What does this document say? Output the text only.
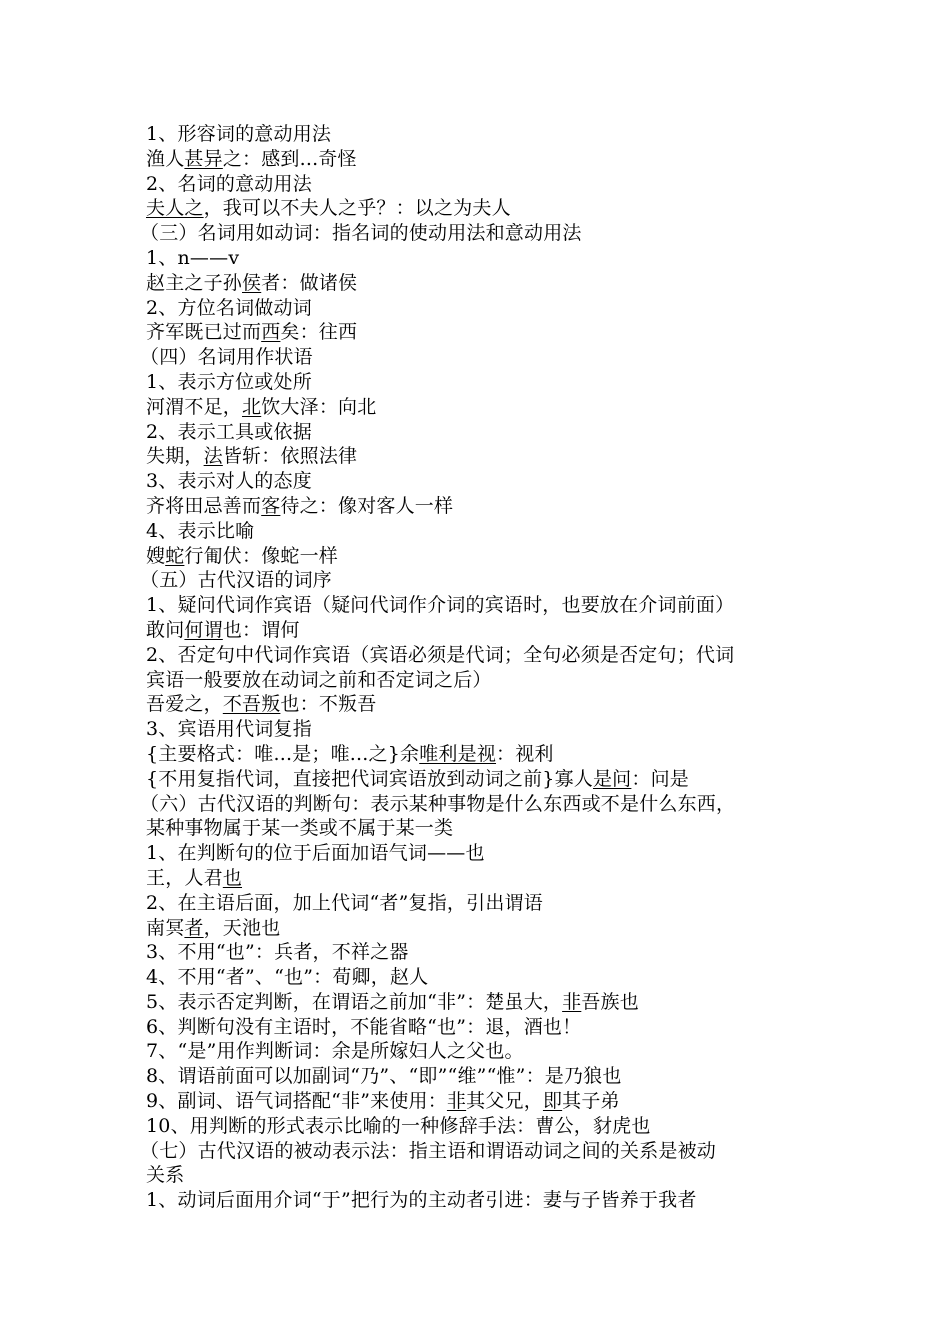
1、形容词的意动用法
渔人甚异之：感到...奇怪
2、名词的意动用法
夫人之，我可以不夫人之乎？：以之为夫人
（三）名词用如动词：指名词的使动用法和意动用法
1、n——v
赵主之子孙侯者：做诸侯
2、方位名词做动词
齐军既已过而西矣：往西
（四）名词用作状语
1、表示方位或处所
河渭不足，北饮大泽：向北
2、表示工具或依据
失期，法皆斩：依照法律
3、表示对人的态度
齐将田忌善而客待之：像对客人一样
4、表示比喻
嫂蛇行匍伏：像蛇一样
（五）古代汉语的词序
1、疑问代词作宾语（疑问代词作介词的宾语时，也要放在介词前面）
敢问何谓也：谓何
2、否定句中代词作宾语（宾语必须是代词；全句必须是否定句；代词
宾语一般要放在动词之前和否定词之后）
吾爱之，不吾叛也：不叛吾
3、宾语用代词复指
{主要格式：唯...是；唯...之}余唯利是视：视利
{不用复指代词，直接把代词宾语放到动词之前}寡人是问：问是
（六）古代汉语的判断句：表示某种事物是什么东西或不是什么东西，
某种事物属于某一类或不属于某一类
1、在判断句的位于后面加语气词——也
王，人君也
2、在主语后面，加上代词“者”复指，引出谓语
南冥者，天池也
3、不用“也”：兵者，不祥之器
4、不用“者”、“也”：荀卿，赵人
5、表示否定判断，在谓语之前加“非”：楚虽大，非吾族也
6、判断句没有主语时，不能省略“也”：退，酒也！
7、“是”用作判断词：余是所嫁妇人之父也。
8、谓语前面可以加副词“乃”、“即”“维”“惟”：是乃狼也
9、副词、语气词搭配“非”来使用：非其父兄，即其子弟
10、用判断的形式表示比喻的一种修辞手法：曹公，豺虎也
（七）古代汉语的被动表示法：指主语和谓语动词之间的关系是被动
关系
1、动词后面用介词“于”把行为的主动者引进：妻与子皆养于我者
